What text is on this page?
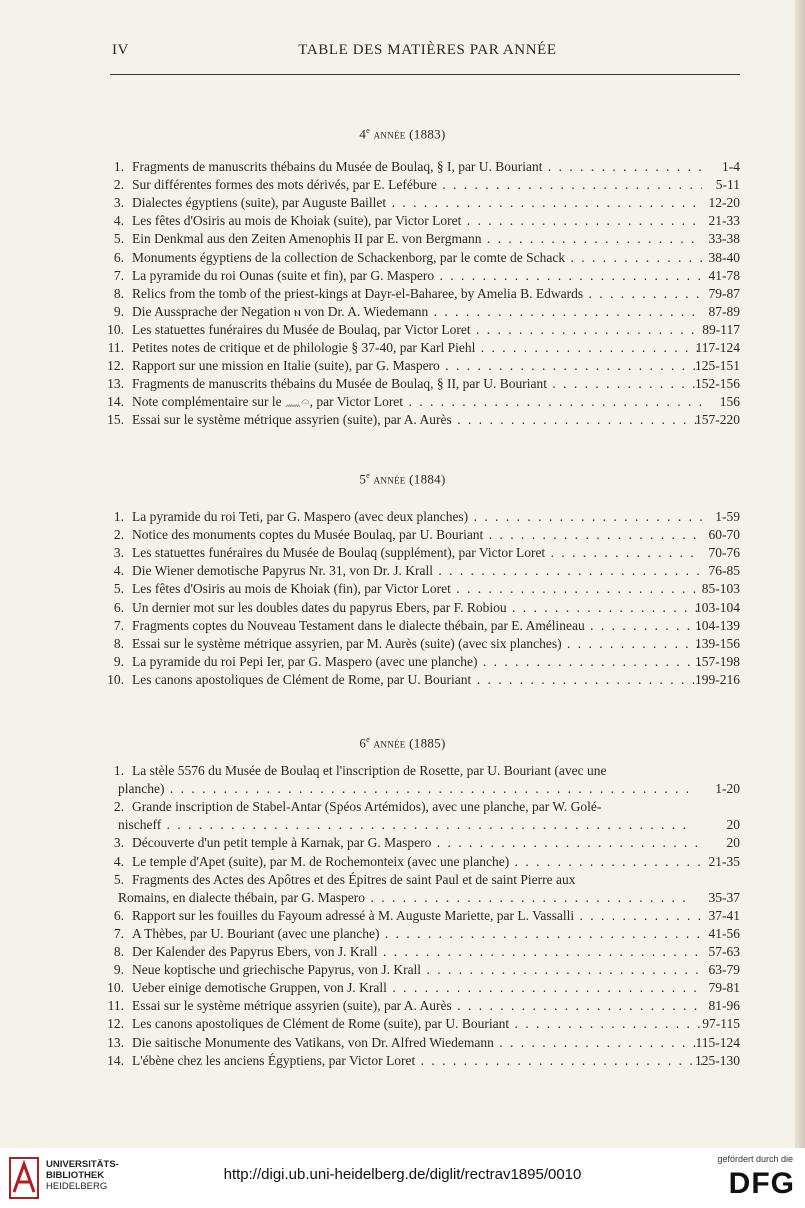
IV	TABLE DES MATIÈRES PAR ANNÉE
4e année (1883)
1. Fragments de manuscrits thébains du Musée de Boulaq, § I, par U. Bouriant . . .	1-4
2. Sur différentes formes des mots dérivés, par E. Lefébure . . .	5-11
3. Dialectes égyptiens (suite), par Auguste Baillet . . .	12-20
4. Les fêtes d'Osiris au mois de Khoiak (suite), par Victor Loret . . .	21-33
5. Ein Denkmal aus den Zeiten Amenophis II par E. von Bergmann . . .	33-38
6. Monuments égyptiens de la collection de Schackenborg, par le comte de Schack . . .	38-40
7. La pyramide du roi Ounas (suite et fin), par G. Maspero . . .	41-78
8. Relics from the tomb of the priest-kings at Dayr-el-Baharee, by Amelia B. Edwards . . .	79-87
9. Die Aussprache der Negation ⲛ von Dr. A. Wiedemann . . .	87-89
10. Les statuettes funéraires du Musée de Boulaq, par Victor Loret . . .	89-117
11. Petites notes de critique et de philologie § 37-40, par Karl Piehl . . .	117-124
12. Rapport sur une mission en Italie (suite), par G. Maspero . . .	125-151
13. Fragments de manuscrits thébains du Musée de Boulaq, § II, par U. Bouriant . . .	152-156
14. Note complémentaire sur le 𓈖𓏏, par Victor Loret . . .	156
15. Essai sur le système métrique assyrien (suite), par A. Aurès . . .	157-220
5e année (1884)
1. La pyramide du roi Teti, par G. Maspero (avec deux planches) . . .	1-59
2. Notice des monuments coptes du Musée Boulaq, par U. Bouriant . . .	60-70
3. Les statuettes funéraires du Musée de Boulaq (supplément), par Victor Loret . . .	70-76
4. Die Wiener demotische Papyrus Nr. 31, von Dr. J. Krall . . .	76-85
5. Les fêtes d'Osiris au mois de Khoiak (fin), par Victor Loret . . .	85-103
6. Un dernier mot sur les doubles dates du papyrus Ebers, par F. Robiou . . .	103-104
7. Fragments coptes du Nouveau Testament dans le dialecte thébain, par E. Amélineau . . .	104-139
8. Essai sur le système métrique assyrien, par M. Aurès (suite) (avec six planches) . . .	139-156
9. La pyramide du roi Pepi Ier, par G. Maspero (avec une planche) . . .	157-198
10. Les canons apostoliques de Clément de Rome, par U. Bouriant . . .	199-216
6e année (1885)
1. La stèle 5576 du Musée de Boulaq et l'inscription de Rosette, par U. Bouriant (avec une
planche) . . .	1-20
2. Grande inscription de Stabel-Antar (Spéos Artémidos), avec une planche, par W. Golé-
nischeff . . .	20
3. Découverte d'un petit temple à Karnak, par G. Maspero . . .	20
4. Le temple d'Apet (suite), par M. de Rochemonteix (avec une planche) . . .	21-35
5. Fragments des Actes des Apôtres et des Épitres de saint Paul et de saint Pierre aux
Romains, en dialecte thébain, par G. Maspero . . .	35-37
6. Rapport sur les fouilles du Fayoum adressé à M. Auguste Mariette, par L. Vassalli . . .	37-41
7. A Thèbes, par U. Bouriant (avec une planche) . . .	41-56
8. Der Kalender des Papyrus Ebers, von J. Krall . . .	57-63
9. Neue koptische und griechische Papyrus, von J. Krall . . .	63-79
10. Ueber einige demotische Gruppen, von J. Krall . . .	79-81
11. Essai sur le système métrique assyrien (suite), par A. Aurès . . .	81-96
12. Les canons apostoliques de Clément de Rome (suite), par U. Bouriant . . .	97-115
13. Die saitische Monumente des Vatikans, von Dr. Alfred Wiedemann . . .	115-124
14. L'ébène chez les anciens Égyptiens, par Victor Loret . . .	125-130
UNIVERSITÄTS-
BIBLIOTHEK
HEIDELBERG
http://digi.ub.uni-heidelberg.de/diglit/rectrav1895/0010
gefördert durch die
DFG
